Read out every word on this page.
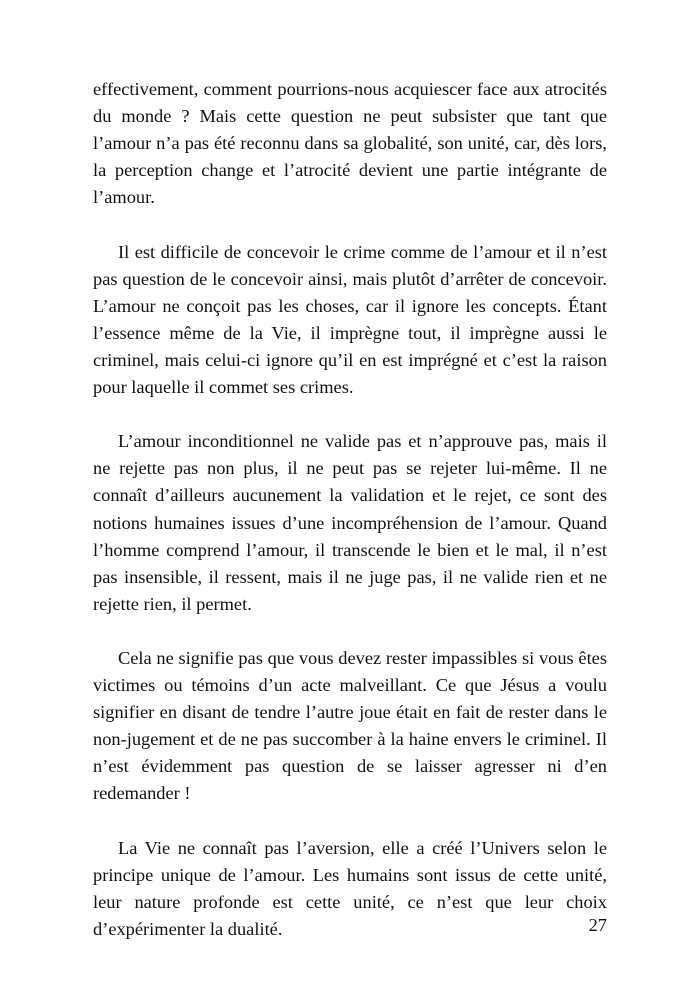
effectivement, comment pourrions-nous acquiescer face aux atrocités du monde ? Mais cette question ne peut subsister que tant que l’amour n’a pas été reconnu dans sa globalité, son unité, car, dès lors, la perception change et l’atrocité devient une partie intégrante de l’amour.

Il est difficile de concevoir le crime comme de l’amour et il n’est pas question de le concevoir ainsi, mais plutôt d’arrêter de concevoir. L’amour ne conçoit pas les choses, car il ignore les concepts. Étant l’essence même de la Vie, il imprègne tout, il imprègne aussi le criminel, mais celui-ci ignore qu’il en est imprégné et c’est la raison pour laquelle il commet ses crimes.

L’amour inconditionnel ne valide pas et n’approuve pas, mais il ne rejette pas non plus, il ne peut pas se rejeter lui-même. Il ne connaît d’ailleurs aucunement la validation et le rejet, ce sont des notions humaines issues d’une incompréhension de l’amour. Quand l’homme comprend l’amour, il transcende le bien et le mal, il n’est pas insensible, il ressent, mais il ne juge pas, il ne valide rien et ne rejette rien, il permet.

Cela ne signifie pas que vous devez rester impassibles si vous êtes victimes ou témoins d’un acte malveillant. Ce que Jésus a voulu signifier en disant de tendre l’autre joue était en fait de rester dans le non-jugement et de ne pas succomber à la haine envers le criminel. Il n’est évidemment pas question de se laisser agresser ni d’en redemander !

La Vie ne connaît pas l’aversion, elle a créé l’Univers selon le principe unique de l’amour. Les humains sont issus de cette unité, leur nature profonde est cette unité, ce n’est que leur choix d’expérimenter la dualité.	27
